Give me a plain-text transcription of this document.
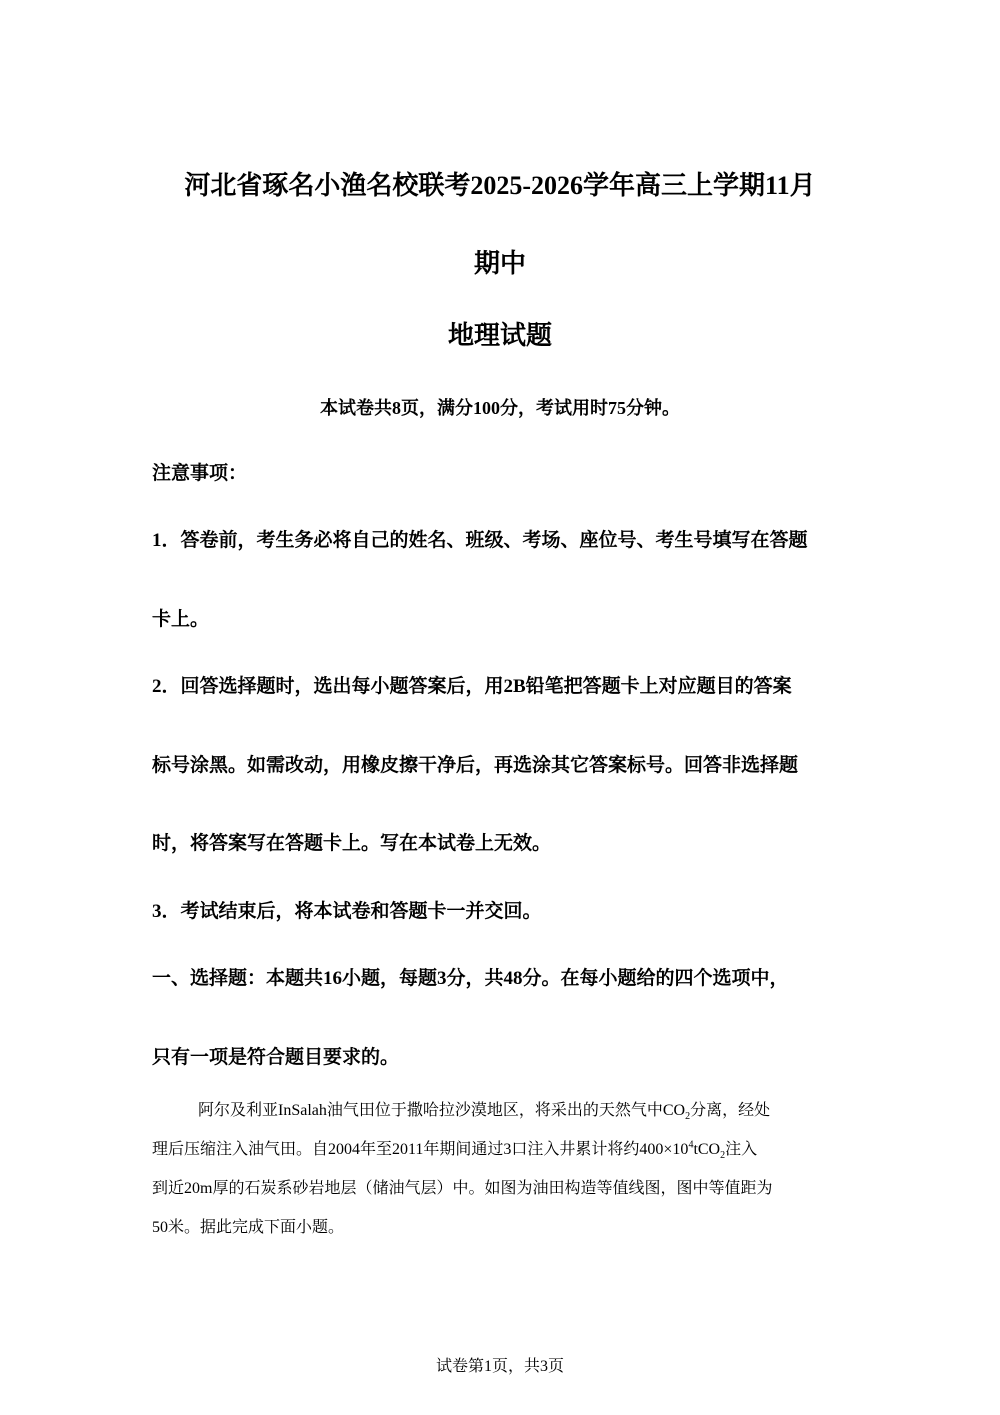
河北省琢名小渔名校联考2025-2026学年高三上学期11月
期中
地理试题
本试卷共8页，满分100分，考试用时75分钟。
注意事项：
1．答卷前，考生务必将自己的姓名、班级、考场、座位号、考生号填写在答题
卡上。
2．回答选择题时，选出每小题答案后，用2B铅笔把答题卡上对应题目的答案
标号涂黑。如需改动，用橡皮擦干净后，再选涂其它答案标号。回答非选择题
时，将答案写在答题卡上。写在本试卷上无效。
3．考试结束后，将本试卷和答题卡一并交回。
一、选择题：本题共16小题，每题3分，共48分。在每小题给的四个选项中，
只有一项是符合题目要求的。
阿尔及利亚InSalah油气田位于撒哈拉沙漠地区，将采出的天然气中$CO_2$分离，经处
理后压缩注入油气田。自2004年至2011年期间通过3口注入井累计将约$400\times 10^4tCO_2$注入
到近20m厚的石炭系砂岩地层（储油气层）中。如图为油田构造等值线图，图中等值距为
50米。据此完成下面小题。
试卷第1页，共3页
